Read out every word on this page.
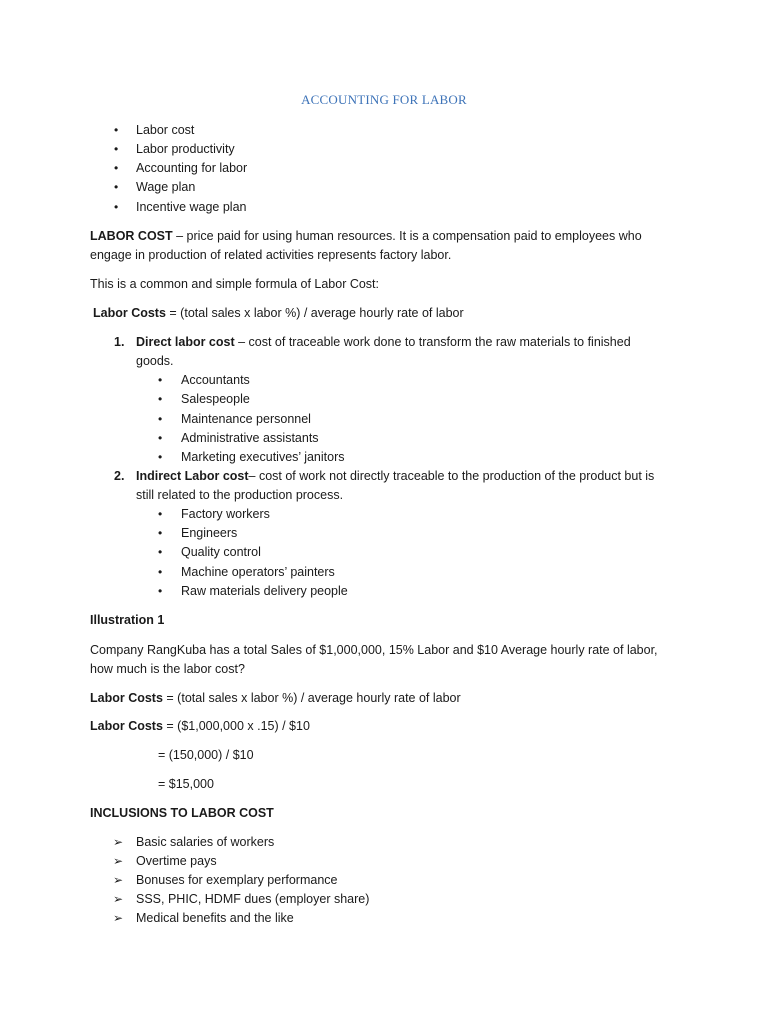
ACCOUNTING FOR LABOR
• Labor cost
• Labor productivity
• Accounting for labor
• Wage plan
• Incentive wage plan
LABOR COST – price paid for using human resources. It is a compensation paid to employees who
engage in production of related activities represents factory labor.
This is a common and simple formula of Labor Cost:
Labor Costs = (total sales x labor %) / average hourly rate of labor
1. Direct labor cost – cost of traceable work done to transform the raw materials to finished
goods.
• Accountants
• Salespeople
• Maintenance personnel
• Administrative assistants
• Marketing executives’ janitors
2. Indirect Labor cost– cost of work not directly traceable to the production of the product but is
still related to the production process.
• Factory workers
• Engineers
• Quality control
• Machine operators’ painters
• Raw materials delivery people
Illustration 1
Company RangKuba has a total Sales of $1,000,000, 15% Labor and $10 Average hourly rate of labor,
how much is the labor cost?
Labor Costs = (total sales x labor %) / average hourly rate of labor
Labor Costs = ($1,000,000 x .15) / $10
= (150,000) / $10
= $15,000
INCLUSIONS TO LABOR COST
➢ Basic salaries of workers
➢ Overtime pays
➢ Bonuses for exemplary performance
➢ SSS, PHIC, HDMF dues (employer share)
➢ Medical benefits and the like
